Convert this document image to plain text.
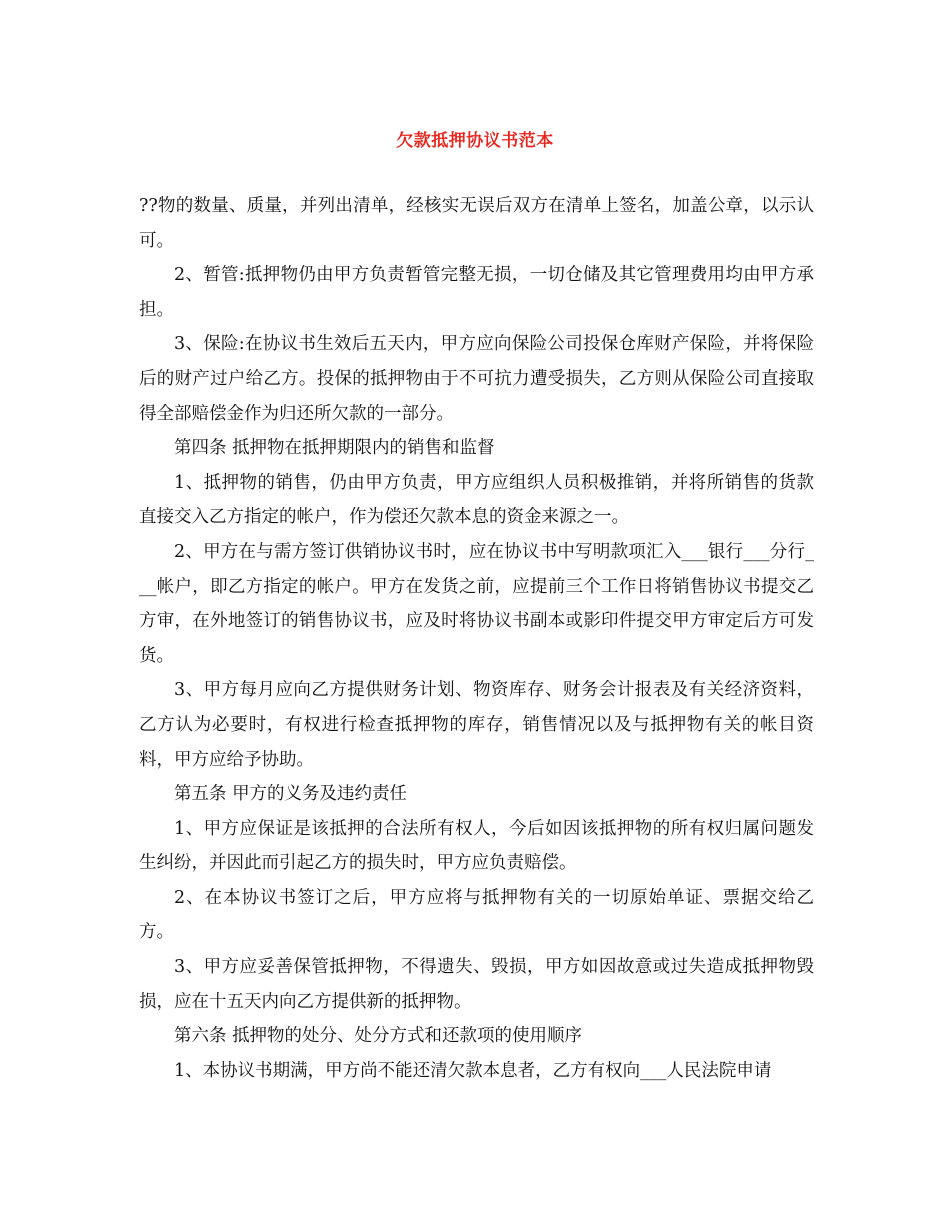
欠款抵押协议书范本

??物的数量、质量，并列出清单，经核实无误后双方在清单上签名，加盖公章，以示认可。

2、暂管:抵押物仍由甲方负责暂管完整无损，一切仓储及其它管理费用均由甲方承担。

3、保险:在协议书生效后五天内，甲方应向保险公司投保仓库财产保险，并将保险后的财产过户给乙方。投保的抵押物由于不可抗力遭受损失，乙方则从保险公司直接取得全部赔偿金作为归还所欠款的一部分。

第四条 抵押物在抵押期限内的销售和监督

1、抵押物的销售，仍由甲方负责，甲方应组织人员积极推销，并将所销售的货款直接交入乙方指定的帐户，作为偿还欠款本息的资金来源之一。

2、甲方在与需方签订供销协议书时，应在协议书中写明款项汇入___银行___分行___帐户，即乙方指定的帐户。甲方在发货之前，应提前三个工作日将销售协议书提交乙方审，在外地签订的销售协议书，应及时将协议书副本或影印件提交甲方审定后方可发货。

3、甲方每月应向乙方提供财务计划、物资库存、财务会计报表及有关经济资料，乙方认为必要时，有权进行检查抵押物的库存，销售情况以及与抵押物有关的帐目资料，甲方应给予协助。

第五条 甲方的义务及违约责任

1、甲方应保证是该抵押的合法所有权人，今后如因该抵押物的所有权归属问题发生纠纷，并因此而引起乙方的损失时，甲方应负责赔偿。

2、在本协议书签订之后，甲方应将与抵押物有关的一切原始单证、票据交给乙方。

3、甲方应妥善保管抵押物，不得遗失、毁损，甲方如因故意或过失造成抵押物毁损，应在十五天内向乙方提供新的抵押物。

第六条 抵押物的处分、处分方式和还款项的使用顺序

1、本协议书期满，甲方尚不能还清欠款本息者，乙方有权向___人民法院申请
